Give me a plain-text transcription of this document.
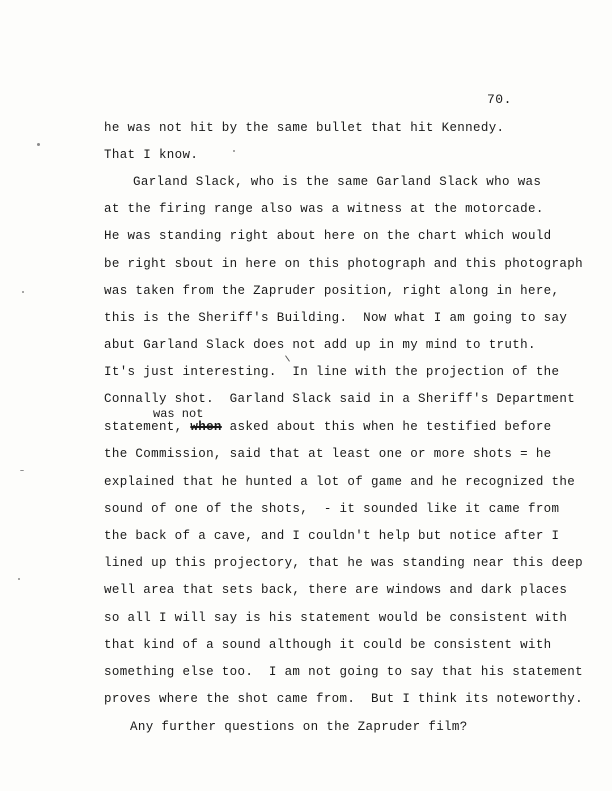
70.
he was not hit by the same bullet that hit Kennedy.
That I know.
Garland Slack, who is the same Garland Slack who was
at the firing range also was a witness at the motorcade.
He was standing right about here on the chart which would
be right sbout in here on this photograph and this photograph
was taken from the Zapruder position, right along in here,
this is the Sheriff's Building.  Now what I am going to say
abut Garland Slack does not add up in my mind to truth.
It's just interesting.  In line with the projection of the
Connally shot.  Garland Slack said in a Sheriff's Department
was not
statement, when asked about this when he testified before
the Commission, said that at least one or more shots = he
explained that he hunted a lot of game and he recognized the
sound of one of the shots,  - it sounded like it came from
the back of a cave, and I couldn't help but notice after I
lined up this projectory, that he was standing near this deep
well area that sets back, there are windows and dark places
so all I will say is his statement would be consistent with
that kind of a sound although it could be consistent with
something else too.  I am not going to say that his statement
proves where the shot came from.  But I think its noteworthy.
Any further questions on the Zapruder film?
